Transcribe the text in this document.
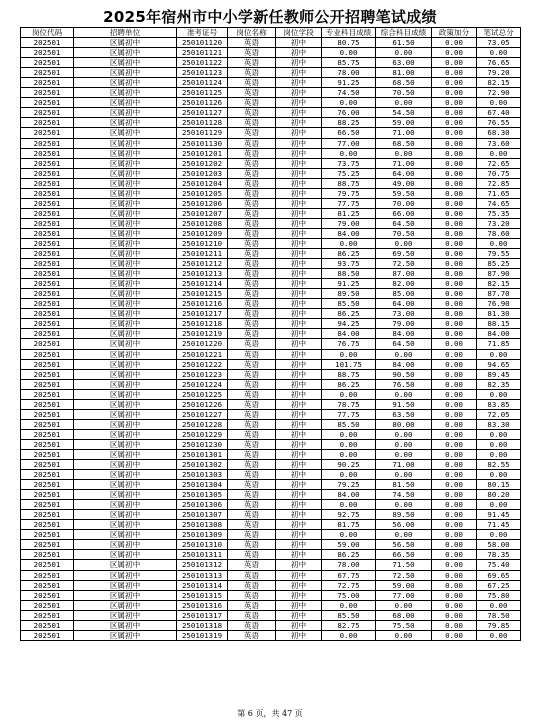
2025年宿州市中小学新任教师公开招聘笔试成绩
岗位代码	招聘单位	准考证号	岗位名称	岗位学段	专业科目成绩	综合科目成绩	政策加分	笔试总分
202501	区属初中	250101120	英语	初中	80.75	61.50	0.00	73.05
202501	区属初中	250101121	英语	初中	0.00	0.00	0.00	0.00
202501	区属初中	250101122	英语	初中	85.75	63.00	0.00	76.65
202501	区属初中	250101123	英语	初中	78.00	81.00	0.00	79.20
202501	区属初中	250101124	英语	初中	91.25	68.50	0.00	82.15
202501	区属初中	250101125	英语	初中	74.50	70.50	0.00	72.90
202501	区属初中	250101126	英语	初中	0.00	0.00	0.00	0.00
202501	区属初中	250101127	英语	初中	76.00	54.50	0.00	67.40
202501	区属初中	250101128	英语	初中	88.25	59.00	0.00	76.55
202501	区属初中	250101129	英语	初中	66.50	71.00	0.00	68.30
202501	区属初中	250101130	英语	初中	77.00	68.50	0.00	73.60
202501	区属初中	250101201	英语	初中	0.00	0.00	0.00	0.00
202501	区属初中	250101202	英语	初中	73.75	71.00	0.00	72.65
202501	区属初中	250101203	英语	初中	75.25	64.00	0.00	70.75
202501	区属初中	250101204	英语	初中	88.75	49.00	0.00	72.85
202501	区属初中	250101205	英语	初中	79.75	59.50	0.00	71.65
202501	区属初中	250101206	英语	初中	77.75	70.00	0.00	74.65
202501	区属初中	250101207	英语	初中	81.25	66.00	0.00	75.35
202501	区属初中	250101208	英语	初中	79.00	64.50	0.00	73.20
202501	区属初中	250101209	英语	初中	84.00	70.50	0.00	78.60
202501	区属初中	250101210	英语	初中	0.00	0.00	0.00	0.00
202501	区属初中	250101211	英语	初中	86.25	69.50	0.00	79.55
202501	区属初中	250101212	英语	初中	93.75	72.50	0.00	85.25
202501	区属初中	250101213	英语	初中	88.50	87.00	0.00	87.90
202501	区属初中	250101214	英语	初中	91.25	82.00	0.00	82.15
202501	区属初中	250101215	英语	初中	89.50	85.00	0.00	87.70
202501	区属初中	250101216	英语	初中	85.50	64.00	0.00	76.90
202501	区属初中	250101217	英语	初中	86.25	73.00	0.00	81.30
202501	区属初中	250101218	英语	初中	94.25	79.00	0.00	88.15
202501	区属初中	250101219	英语	初中	84.00	84.00	0.00	84.00
202501	区属初中	250101220	英语	初中	76.75	64.50	0.00	71.85
202501	区属初中	250101221	英语	初中	0.00	0.00	0.00	0.00
202501	区属初中	250101222	英语	初中	101.75	84.00	0.00	94.65
202501	区属初中	250101223	英语	初中	88.75	90.50	0.00	89.45
202501	区属初中	250101224	英语	初中	86.25	76.50	0.00	82.35
202501	区属初中	250101225	英语	初中	0.00	0.00	0.00	0.00
202501	区属初中	250101226	英语	初中	78.75	91.50	0.00	83.85
202501	区属初中	250101227	英语	初中	77.75	63.50	0.00	72.05
202501	区属初中	250101228	英语	初中	85.50	80.00	0.00	83.30
202501	区属初中	250101229	英语	初中	0.00	0.00	0.00	0.00
202501	区属初中	250101230	英语	初中	0.00	0.00	0.00	0.00
202501	区属初中	250101301	英语	初中	0.00	0.00	0.00	0.00
202501	区属初中	250101302	英语	初中	90.25	71.00	0.00	82.55
202501	区属初中	250101303	英语	初中	0.00	0.00	0.00	0.00
202501	区属初中	250101304	英语	初中	79.25	81.50	0.00	80.15
202501	区属初中	250101305	英语	初中	84.00	74.50	0.00	80.20
202501	区属初中	250101306	英语	初中	0.00	0.00	0.00	0.00
202501	区属初中	250101307	英语	初中	92.75	89.50	0.00	91.45
202501	区属初中	250101308	英语	初中	81.75	56.00	0.00	71.45
202501	区属初中	250101309	英语	初中	0.00	0.00	0.00	0.00
202501	区属初中	250101310	英语	初中	59.00	56.50	0.00	58.00
202501	区属初中	250101311	英语	初中	86.25	66.50	0.00	78.35
202501	区属初中	250101312	英语	初中	78.00	71.50	0.00	75.40
202501	区属初中	250101313	英语	初中	67.75	72.50	0.00	69.65
202501	区属初中	250101314	英语	初中	72.75	59.00	0.00	67.25
202501	区属初中	250101315	英语	初中	75.00	77.00	0.00	75.80
202501	区属初中	250101316	英语	初中	0.00	0.00	0.00	0.00
202501	区属初中	250101317	英语	初中	85.50	68.00	0.00	78.50
202501	区属初中	250101318	英语	初中	82.75	75.50	0.00	79.85
202501	区属初中	250101319	英语	初中	0.00	0.00	0.00	0.00
第 6 页，共 47 页
